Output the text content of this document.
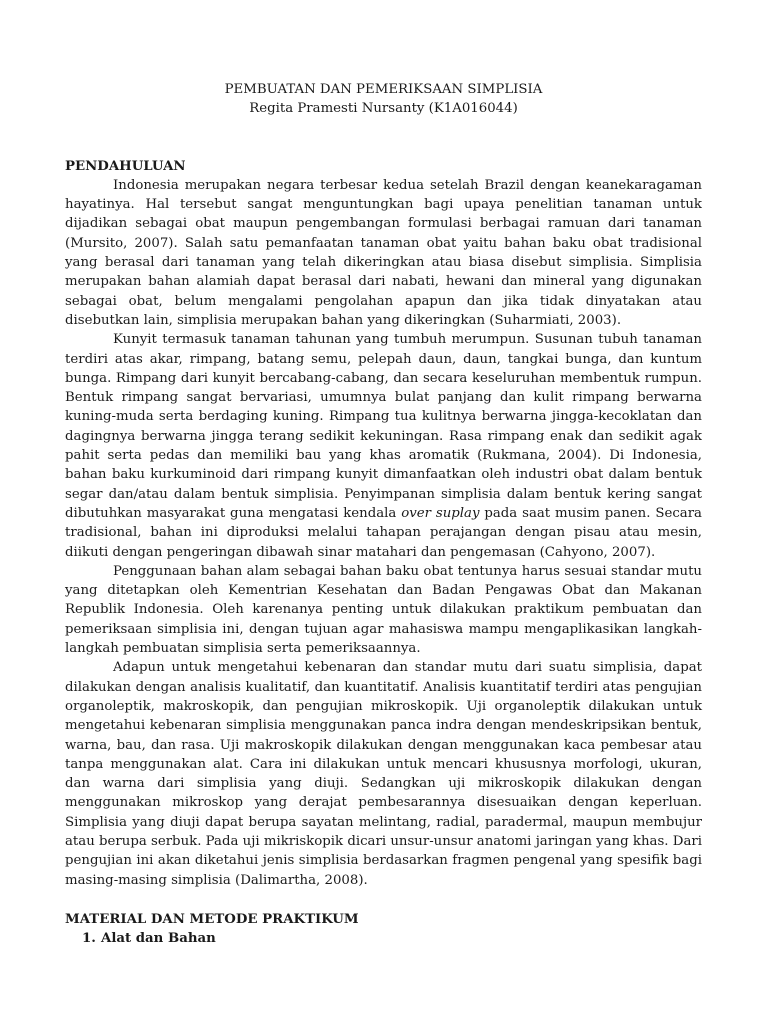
PEMBUATAN DAN PEMERIKSAAN SIMPLISIA

Regita Pramesti Nursanty (K1A016044)

PENDAHULUAN

Indonesia merupakan negara terbesar kedua setelah Brazil dengan keanekaragaman hayatinya. Hal tersebut sangat menguntungkan bagi upaya penelitian tanaman untuk dijadikan sebagai obat maupun pengembangan formulasi berbagai ramuan dari tanaman (Mursito, 2007). Salah satu pemanfaatan tanaman obat yaitu bahan baku obat tradisional yang berasal dari tanaman yang telah dikeringkan atau biasa disebut simplisia. Simplisia merupakan bahan alamiah dapat berasal dari nabati, hewani dan mineral yang digunakan sebagai obat, belum mengalami pengolahan apapun dan jika tidak dinyatakan atau disebutkan lain, simplisia merupakan bahan yang dikeringkan (Suharmiati, 2003).

Kunyit termasuk tanaman tahunan yang tumbuh merumpun. Susunan tubuh tanaman terdiri atas akar, rimpang, batang semu, pelepah daun, daun, tangkai bunga, dan kuntum bunga. Rimpang dari kunyit bercabang-cabang, dan secara keseluruhan membentuk rumpun. Bentuk rimpang sangat bervariasi, umumnya bulat panjang dan kulit rimpang berwarna kuning-muda serta berdaging kuning. Rimpang tua kulitnya berwarna jingga-kecoklatan dan dagingnya berwarna jingga terang sedikit kekuningan. Rasa rimpang enak dan sedikit agak pahit serta pedas dan memiliki bau yang khas aromatik (Rukmana, 2004). Di Indonesia, bahan baku kurkuminoid dari rimpang kunyit dimanfaatkan oleh industri obat dalam bentuk segar dan/atau dalam bentuk simplisia. Penyimpanan simplisia dalam bentuk kering sangat dibutuhkan masyarakat guna mengatasi kendala over suplay pada saat musim panen. Secara tradisional, bahan ini diproduksi melalui tahapan perajangan dengan pisau atau mesin, diikuti dengan pengeringan dibawah sinar matahari dan pengemasan (Cahyono, 2007).

Penggunaan bahan alam sebagai bahan baku obat tentunya harus sesuai standar mutu yang ditetapkan oleh Kementrian Kesehatan dan Badan Pengawas Obat dan Makanan Republik Indonesia. Oleh karenanya penting untuk dilakukan praktikum pembuatan dan pemeriksaan simplisia ini, dengan tujuan agar mahasiswa mampu mengaplikasikan langkah-langkah pembuatan simplisia serta pemeriksaannya.

Adapun untuk mengetahui kebenaran dan standar mutu dari suatu simplisia, dapat dilakukan dengan analisis kualitatif, dan kuantitatif. Analisis kuantitatif terdiri atas pengujian organoleptik, makroskopik, dan pengujian mikroskopik. Uji organoleptik dilakukan untuk mengetahui kebenaran simplisia menggunakan panca indra dengan mendeskripsikan bentuk, warna, bau, dan rasa. Uji makroskopik dilakukan dengan menggunakan kaca pembesar atau tanpa menggunakan alat. Cara ini dilakukan untuk mencari khususnya morfologi, ukuran, dan warna dari simplisia yang diuji. Sedangkan uji mikroskopik dilakukan dengan menggunakan mikroskop yang derajat pembesarannya disesuaikan dengan keperluan. Simplisia yang diuji dapat berupa sayatan melintang, radial, paradermal, maupun membujur atau berupa serbuk. Pada uji mikriskopik dicari unsur-unsur anatomi jaringan yang khas. Dari pengujian ini akan diketahui jenis simplisia berdasarkan fragmen pengenal yang spesifik bagi masing-masing simplisia (Dalimartha, 2008).

MATERIAL DAN METODE PRAKTIKUM

1. Alat dan Bahan
